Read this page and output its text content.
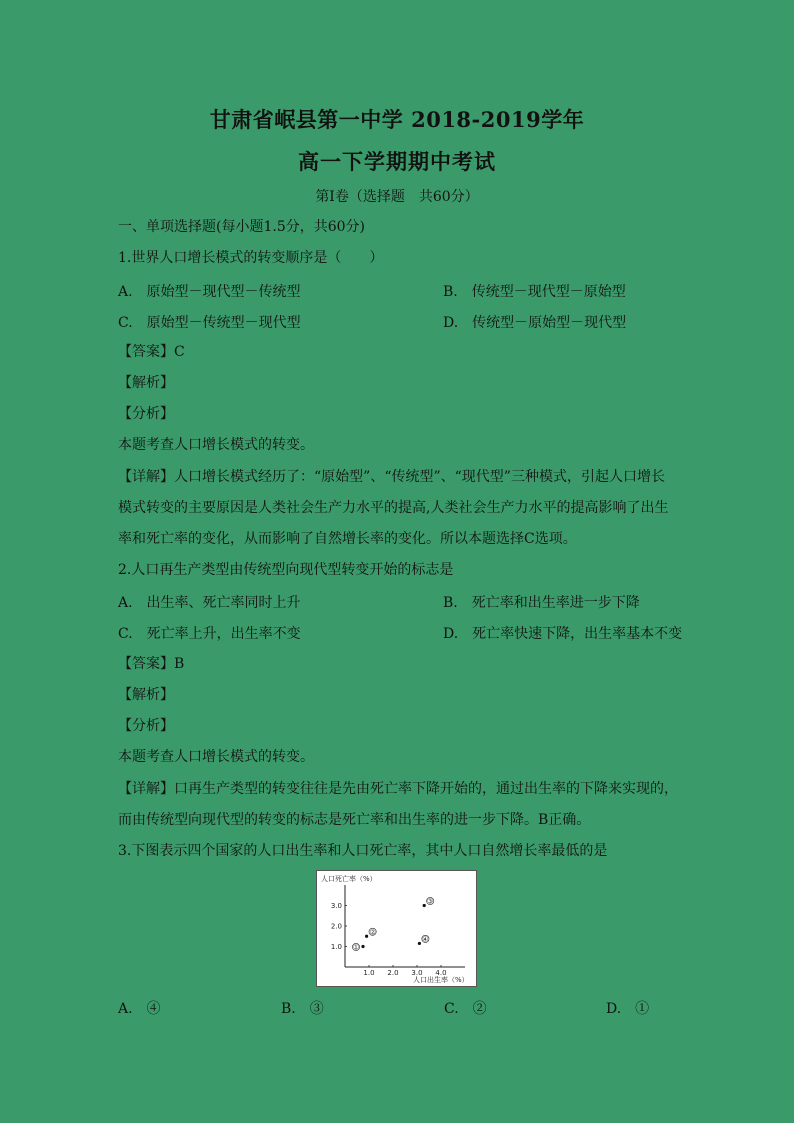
甘肃省岷县第一中学 2018-2019学年
高一下学期期中考试
第Ⅰ卷（选择题　共60分）
一、单项选择题(每小题1.5分，共60分)
1.世界人口增长模式的转变顺序是（　　）
A.　原始型－现代型－传统型	B.　传统型－现代型－原始型
C.　原始型－传统型－现代型	D.　传统型－原始型－现代型
【答案】C
【解析】
【分析】
本题考查人口增长模式的转变。
【详解】人口增长模式经历了：“原始型”、“传统型”、“现代型”三种模式，引起人口增长模式转变的主要原因是人类社会生产力水平的提高,人类社会生产力水平的提高影响了出生率和死亡率的变化，从而影响了自然增长率的变化。所以本题选择C选项。
2.人口再生产类型由传统型向现代型转变开始的标志是
A.　出生率、死亡率同时上升	B.　死亡率和出生率进一步下降
C.　死亡率上升，出生率不变	D.　死亡率快速下降，出生率基本不变
【答案】B
【解析】
【分析】
本题考查人口增长模式的转变。
【详解】口再生产类型的转变往往是先由死亡率下降开始的，通过出生率的下降来实现的，而由传统型向现代型的转变的标志是死亡率和出生率的进一步下降。B正确。
3.下图表示四个国家的人口出生率和人口死亡率，其中人口自然增长率最低的是
人口死亡率（%）
人口出生率（%）
1.0 2.0 3.0 4.0
1.0
2.0
3.0
①
②
③
④
A.　④	B.　③	C.　②	D.　①
